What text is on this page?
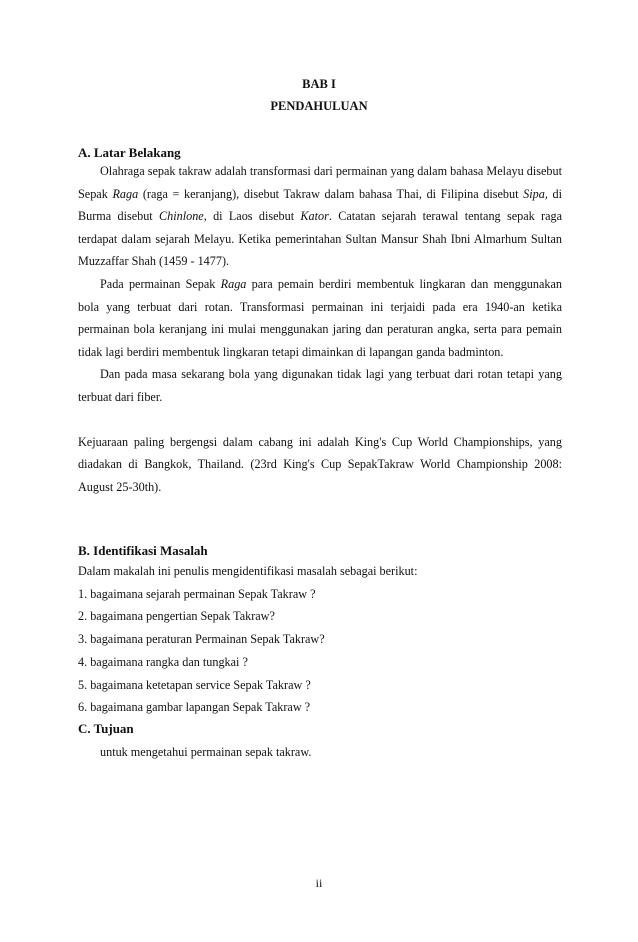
BAB I
PENDAHULUAN
A. Latar Belakang

Olahraga sepak takraw adalah transformasi dari permainan yang dalam bahasa Melayu disebut Sepak Raga (raga = keranjang), disebut Takraw dalam bahasa Thai, di Filipina disebut Sipa, di Burma disebut Chinlone, di Laos disebut Kator. Catatan sejarah terawal tentang sepak raga terdapat dalam sejarah Melayu. Ketika pemerintahan Sultan Mansur Shah Ibni Almarhum Sultan Muzzaffar Shah (1459 - 1477).

Pada permainan Sepak Raga para pemain berdiri membentuk lingkaran dan menggunakan bola yang terbuat dari rotan. Transformasi permainan ini terjaidi pada era 1940-an ketika permainan bola keranjang ini mulai menggunakan jaring dan peraturan angka, serta para pemain tidak lagi berdiri membentuk lingkaran tetapi dimainkan di lapangan ganda badminton.

Dan pada masa sekarang bola yang digunakan tidak lagi yang terbuat dari rotan tetapi yang terbuat dari fiber.

Kejuaraan paling bergengsi dalam cabang ini adalah King's Cup World Championships, yang diadakan di Bangkok, Thailand. (23rd King's Cup SepakTakraw World Championship 2008: August 25-30th).

B. Identifikasi Masalah
Dalam makalah ini penulis mengidentifikasi masalah sebagai berikut:
1. bagaimana sejarah permainan Sepak Takraw ?
2. bagaimana pengertian Sepak Takraw?
3. bagaimana peraturan Permainan Sepak Takraw?
4. bagaimana rangka dan tungkai ?
5. bagaimana ketetapan service Sepak Takraw ?
6. bagaimana gambar lapangan Sepak Takraw ?
C. Tujuan
untuk mengetahui permainan sepak takraw.
ii
